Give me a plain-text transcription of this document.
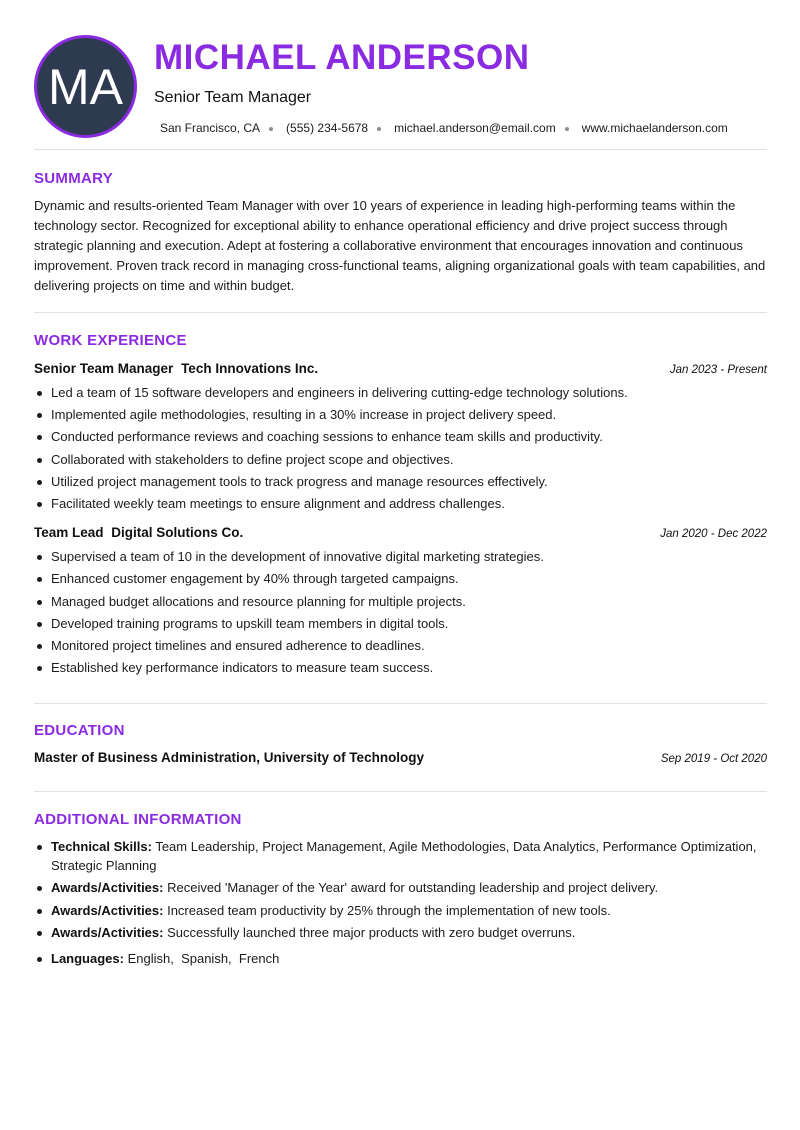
MA
MICHAEL ANDERSON
Senior Team Manager
San Francisco, CA (555) 234-5678 michael.anderson@email.com www.michaelanderson.com
SUMMARY

Dynamic and results-oriented Team Manager with over 10 years of experience in leading high-performing teams within the technology sector. Recognized for exceptional ability to enhance operational efficiency and drive project success through strategic planning and execution. Adept at fostering a collaborative environment that encourages innovation and continuous improvement. Proven track record in managing cross-functional teams, aligning organizational goals with team capabilities, and delivering projects on time and within budget.

WORK EXPERIENCE
Senior Team Manager Tech Innovations Inc.	Jan 2023 - Present
Led a team of 15 software developers and engineers in delivering cutting-edge technology solutions.
Implemented agile methodologies, resulting in a 30% increase in project delivery speed.
Conducted performance reviews and coaching sessions to enhance team skills and productivity.
Collaborated with stakeholders to define project scope and objectives.
Utilized project management tools to track progress and manage resources effectively.
Facilitated weekly team meetings to ensure alignment and address challenges.
Team Lead Digital Solutions Co.	Jan 2020 - Dec 2022
Supervised a team of 10 in the development of innovative digital marketing strategies.
Enhanced customer engagement by 40% through targeted campaigns.
Managed budget allocations and resource planning for multiple projects.
Developed training programs to upskill team members in digital tools.
Monitored project timelines and ensured adherence to deadlines.
Established key performance indicators to measure team success.
EDUCATION
Master of Business Administration, University of Technology	Sep 2019 - Oct 2020
ADDITIONAL INFORMATION
Technical Skills: Team Leadership, Project Management, Agile Methodologies, Data Analytics, Performance Optimization, Strategic Planning
Awards/Activities: Received 'Manager of the Year' award for outstanding leadership and project delivery.
Awards/Activities: Increased team productivity by 25% through the implementation of new tools.
Awards/Activities: Successfully launched three major products with zero budget overruns.
Languages: English,  Spanish,  French
